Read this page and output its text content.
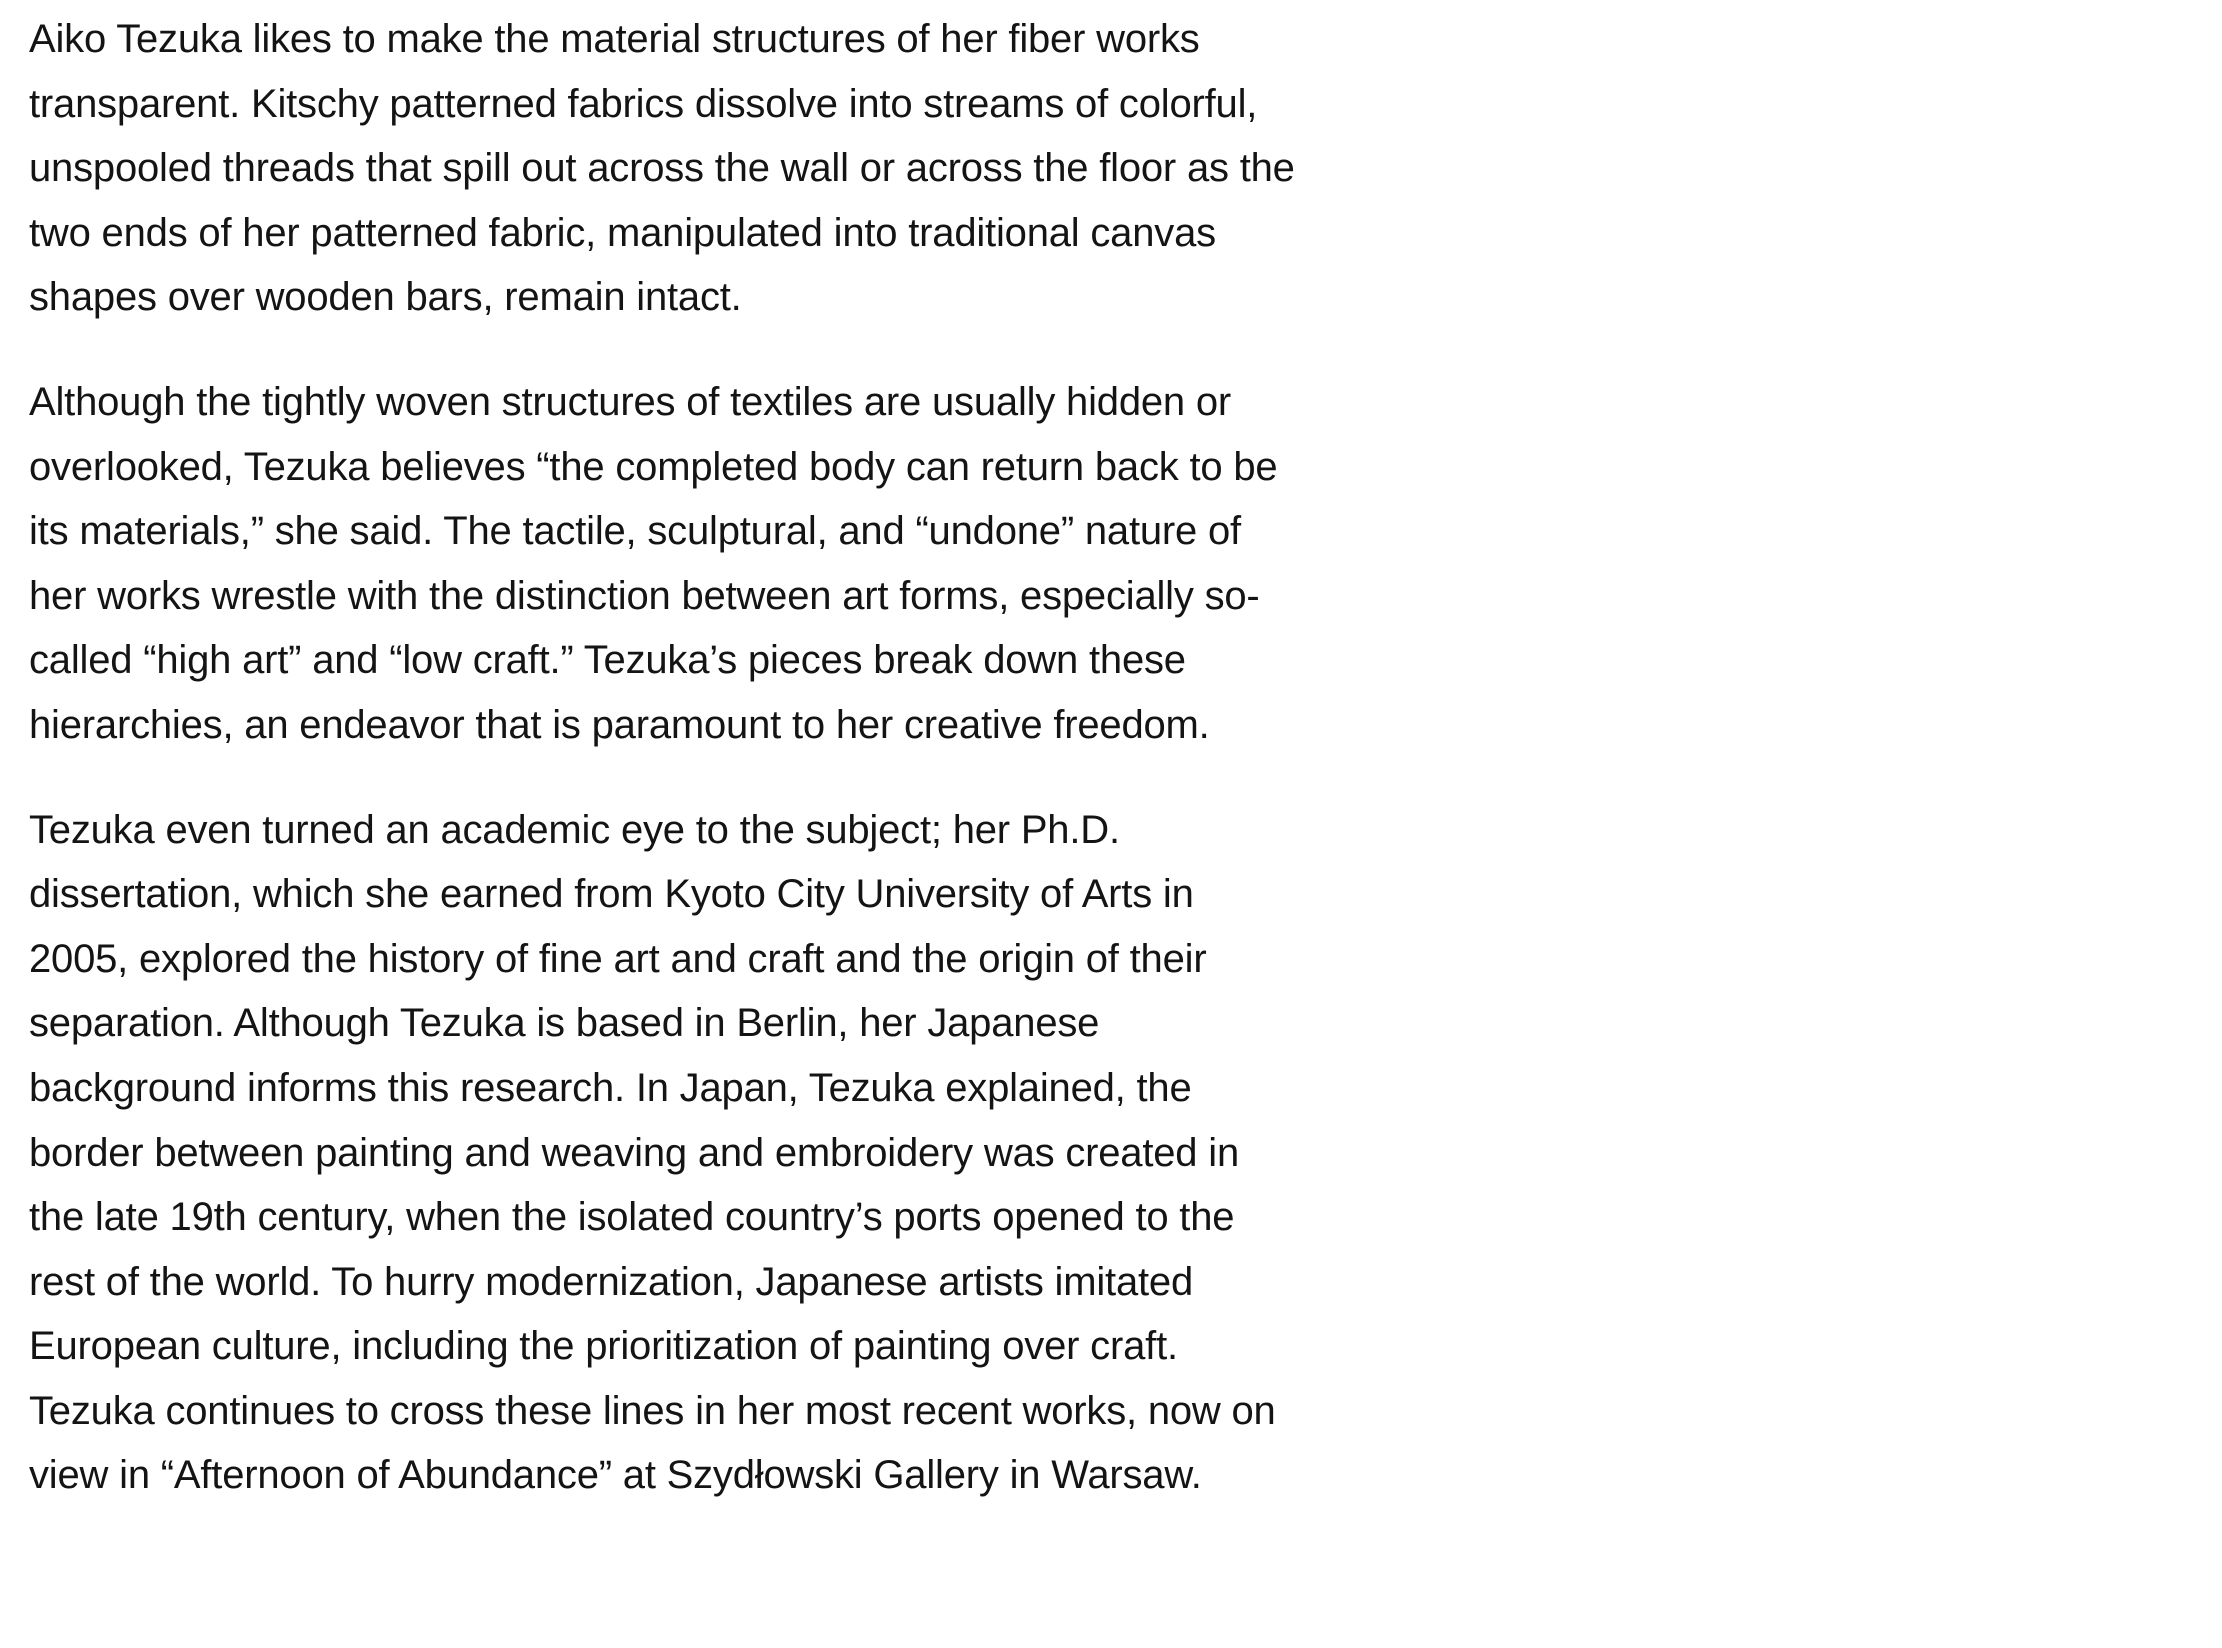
Aiko Tezuka likes to make the material structures of her fiber works transparent. Kitschy patterned fabrics dissolve into streams of colorful, unspooled threads that spill out across the wall or across the floor as the two ends of her patterned fabric, manipulated into traditional canvas shapes over wooden bars, remain intact.

Although the tightly woven structures of textiles are usually hidden or overlooked, Tezuka believes “the completed body can return back to be its materials,” she said. The tactile, sculptural, and “undone” nature of her works wrestle with the distinction between art forms, especially so-called “high art” and “low craft.” Tezuka’s pieces break down these hierarchies, an endeavor that is paramount to her creative freedom.

Tezuka even turned an academic eye to the subject; her Ph.D. dissertation, which she earned from Kyoto City University of Arts in 2005, explored the history of fine art and craft and the origin of their separation. Although Tezuka is based in Berlin, her Japanese background informs this research. In Japan, Tezuka explained, the border between painting and weaving and embroidery was created in the late 19th century, when the isolated country’s ports opened to the rest of the world. To hurry modernization, Japanese artists imitated European culture, including the prioritization of painting over craft. Tezuka continues to cross these lines in her most recent works, now on view in “Afternoon of Abundance” at Szydłowski Gallery in Warsaw.
